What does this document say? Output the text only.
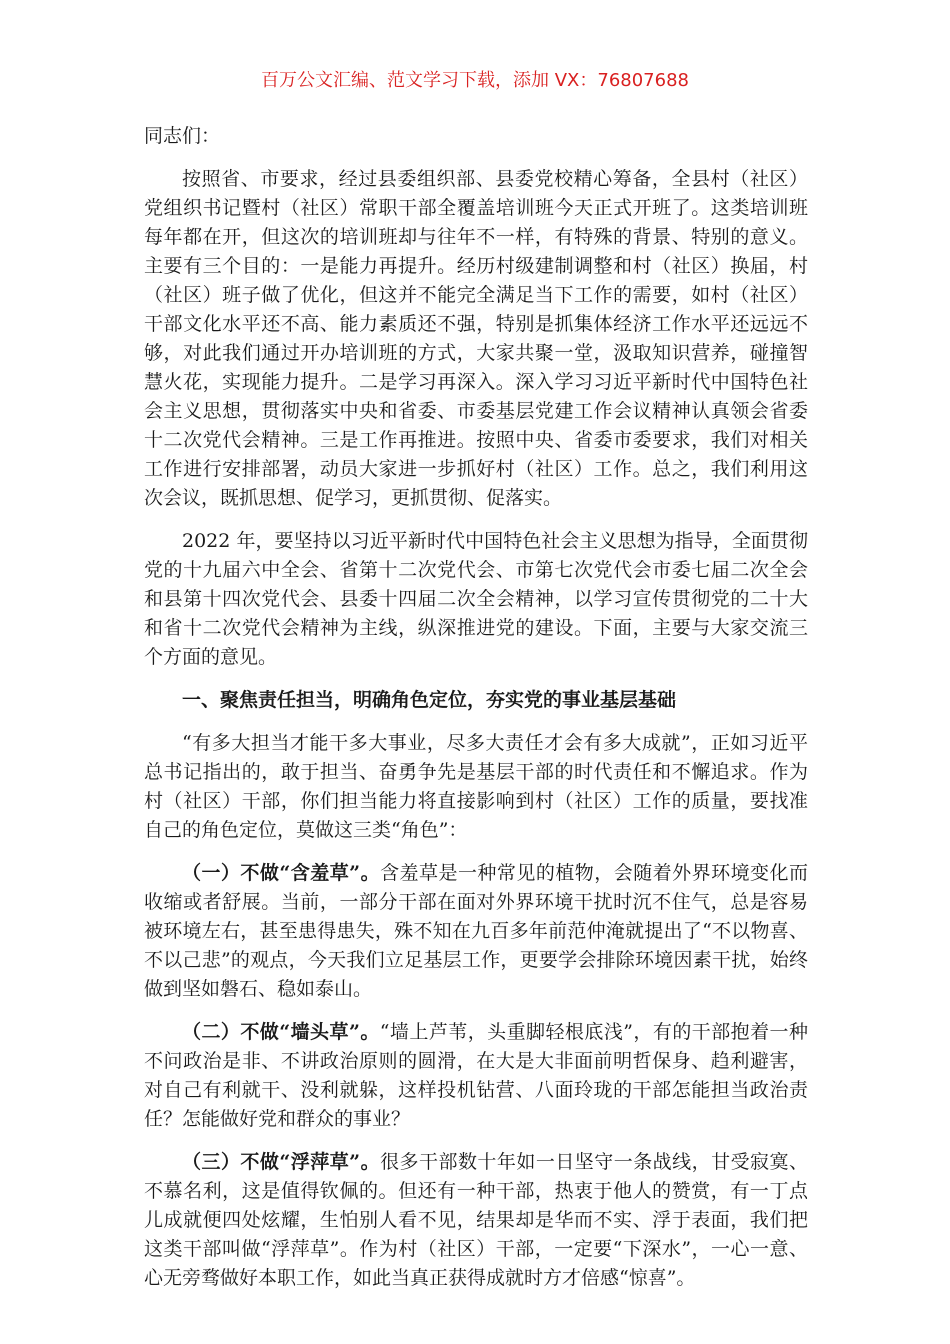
百万公文汇编、范文学习下载，添加 VX：76807688
同志们：

按照省、市要求，经过县委组织部、县委党校精心筹备，全县村（社区）党组织书记暨村（社区）常职干部全覆盖培训班今天正式开班了。这类培训班每年都在开，但这次的培训班却与往年不一样，有特殊的背景、特别的意义。主要有三个目的：一是能力再提升。经历村级建制调整和村（社区）换届，村（社区）班子做了优化，但这并不能完全满足当下工作的需要，如村（社区）干部文化水平还不高、能力素质还不强，特别是抓集体经济工作水平还远远不够，对此我们通过开办培训班的方式，大家共聚一堂，汲取知识营养，碰撞智慧火花，实现能力提升。二是学习再深入。深入学习习近平新时代中国特色社会主义思想，贯彻落实中央和省委、市委基层党建工作会议精神认真领会省委十二次党代会精神。三是工作再推进。按照中央、省委市委要求，我们对相关工作进行安排部署，动员大家进一步抓好村（社区）工作。总之，我们利用这次会议，既抓思想、促学习，更抓贯彻、促落实。

2022 年，要坚持以习近平新时代中国特色社会主义思想为指导，全面贯彻党的十九届六中全会、省第十二次党代会、市第七次党代会市委七届二次全会和县第十四次党代会、县委十四届二次全会精神，以学习宣传贯彻党的二十大和省十二次党代会精神为主线，纵深推进党的建设。下面，主要与大家交流三个方面的意见。

一、聚焦责任担当，明确角色定位，夯实党的事业基层基础

“有多大担当才能干多大事业，尽多大责任才会有多大成就”，正如习近平总书记指出的，敢于担当、奋勇争先是基层干部的时代责任和不懈追求。作为村（社区）干部，你们担当能力将直接影响到村（社区）工作的质量，要找准自己的角色定位，莫做这三类“角色”：

（一）不做“含羞草”。含羞草是一种常见的植物，会随着外界环境变化而收缩或者舒展。当前，一部分干部在面对外界环境干扰时沉不住气，总是容易被环境左右，甚至患得患失，殊不知在九百多年前范仲淹就提出了“不以物喜、不以己悲”的观点，今天我们立足基层工作，更要学会排除环境因素干扰，始终做到坚如磐石、稳如泰山。

（二）不做“墙头草”。“墙上芦苇，头重脚轻根底浅”，有的干部抱着一种不问政治是非、不讲政治原则的圆滑，在大是大非面前明哲保身、趋利避害，对自己有利就干、没利就躲，这样投机钻营、八面玲珑的干部怎能担当政治责任？怎能做好党和群众的事业？

（三）不做“浮萍草”。很多干部数十年如一日坚守一条战线，甘受寂寞、不慕名利，这是值得钦佩的。但还有一种干部，热衷于他人的赞赏，有一丁点儿成就便四处炫耀，生怕别人看不见，结果却是华而不实、浮于表面，我们把这类干部叫做“浮萍草”。作为村（社区）干部，一定要“下深水”，一心一意、心无旁骛做好本职工作，如此当真正获得成就时方才倍感“惊喜”。
